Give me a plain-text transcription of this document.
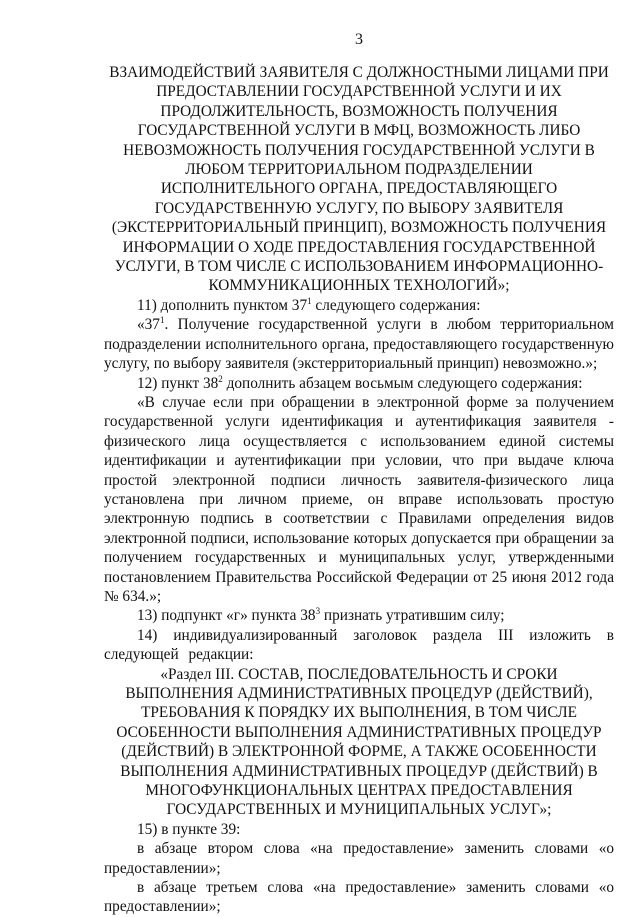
3
ВЗАИМОДЕЙСТВИЙ ЗАЯВИТЕЛЯ С ДОЛЖНОСТНЫМИ ЛИЦАМИ ПРИ
ПРЕДОСТАВЛЕНИИ ГОСУДАРСТВЕННОЙ УСЛУГИ И ИХ
ПРОДОЛЖИТЕЛЬНОСТЬ, ВОЗМОЖНОСТЬ ПОЛУЧЕНИЯ
ГОСУДАРСТВЕННОЙ УСЛУГИ В МФЦ, ВОЗМОЖНОСТЬ ЛИБО
НЕВОЗМОЖНОСТЬ ПОЛУЧЕНИЯ ГОСУДАРСТВЕННОЙ УСЛУГИ В
ЛЮБОМ ТЕРРИТОРИАЛЬНОМ ПОДРАЗДЕЛЕНИИ
ИСПОЛНИТЕЛЬНОГО ОРГАНА, ПРЕДОСТАВЛЯЮЩЕГО
ГОСУДАРСТВЕННУЮ УСЛУГУ, ПО ВЫБОРУ ЗАЯВИТЕЛЯ
(ЭКСТЕРРИТОРИАЛЬНЫЙ ПРИНЦИП), ВОЗМОЖНОСТЬ ПОЛУЧЕНИЯ
ИНФОРМАЦИИ О ХОДЕ ПРЕДОСТАВЛЕНИЯ ГОСУДАРСТВЕННОЙ
УСЛУГИ, В ТОМ ЧИСЛЕ С ИСПОЛЬЗОВАНИЕМ ИНФОРМАЦИОННО-
КОММУНИКАЦИОННЫХ ТЕХНОЛОГИЙ»;

11) дополнить пунктом $37^1$ следующего содержания:

«$37^1$. Получение государственной услуги в любом территориальном подразделении исполнительного органа, предоставляющего государственную услугу, по выбору заявителя (экстерриториальный принцип) невозможно.»;

12) пункт $38^2$ дополнить абзацем восьмым следующего содержания:

«В случае если при обращении в электронной форме за получением государственной услуги идентификация и аутентификация заявителя - физического лица осуществляется с использованием единой системы идентификации и аутентификации при условии, что при выдаче ключа простой электронной подписи личность заявителя-физического лица установлена при личном приеме, он вправе использовать простую электронную подпись в соответствии с Правилами определения видов электронной подписи, использование которых допускается при обращении за получением государственных и муниципальных услуг, утвержденными постановлением Правительства Российской Федерации от 25 июня 2012 года № 634.»;

13) подпункт «г» пункта $38^3$ признать утратившим силу;

14) индивидуализированный заголовок раздела III изложить в следующей редакции:

«Раздел III. СОСТАВ, ПОСЛЕДОВАТЕЛЬНОСТЬ И СРОКИ
ВЫПОЛНЕНИЯ АДМИНИСТРАТИВНЫХ ПРОЦЕДУР (ДЕЙСТВИЙ),
ТРЕБОВАНИЯ К ПОРЯДКУ ИХ ВЫПОЛНЕНИЯ, В ТОМ ЧИСЛЕ
ОСОБЕННОСТИ ВЫПОЛНЕНИЯ АДМИНИСТРАТИВНЫХ ПРОЦЕДУР
(ДЕЙСТВИЙ) В ЭЛЕКТРОННОЙ ФОРМЕ, А ТАКЖЕ ОСОБЕННОСТИ
ВЫПОЛНЕНИЯ АДМИНИСТРАТИВНЫХ ПРОЦЕДУР (ДЕЙСТВИЙ) В
МНОГОФУНКЦИОНАЛЬНЫХ ЦЕНТРАХ ПРЕДОСТАВЛЕНИЯ
ГОСУДАРСТВЕННЫХ И МУНИЦИПАЛЬНЫХ УСЛУГ»;

15) в пункте 39:

в абзаце втором слова «на предоставление» заменить словами «о предоставлении»;

в абзаце третьем слова «на предоставление» заменить словами «о предоставлении»;
